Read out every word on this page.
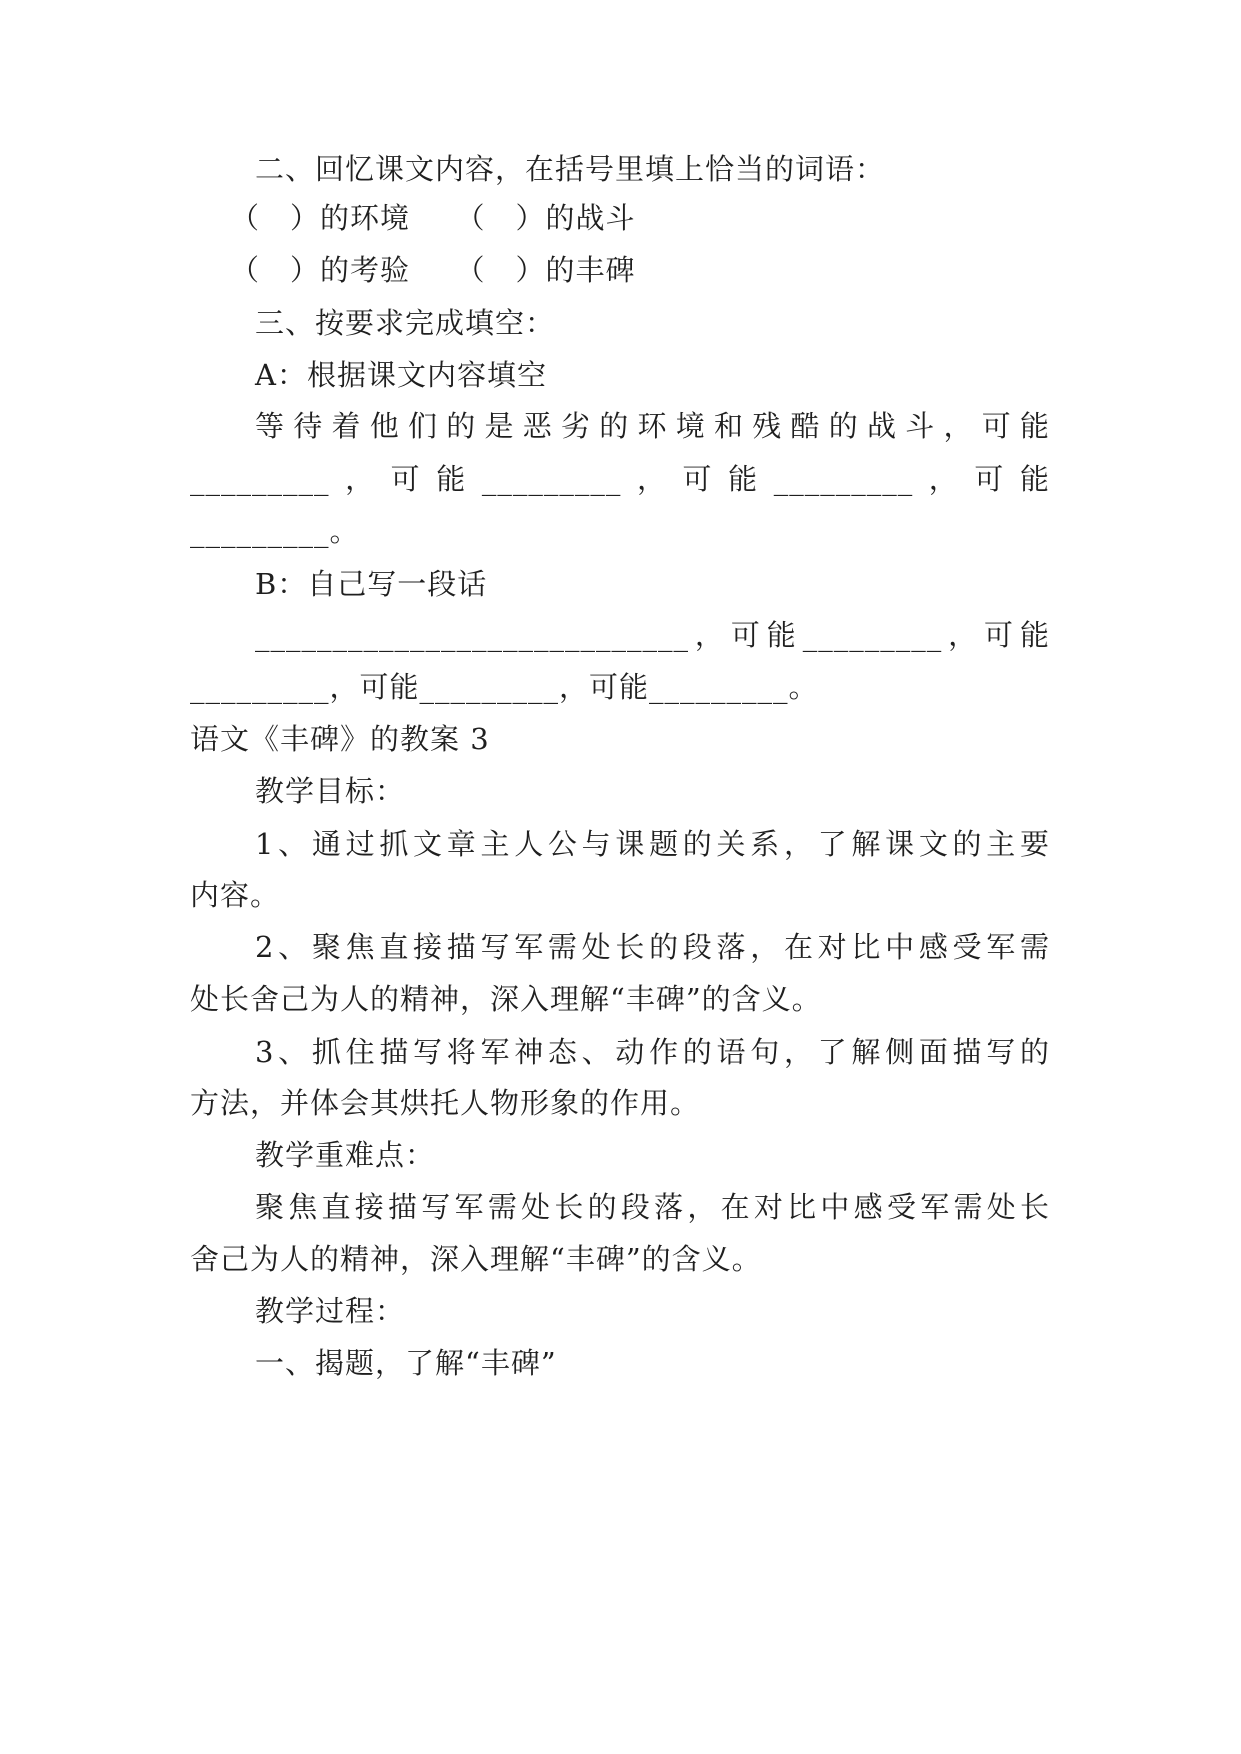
二、回忆课文内容，在括号里填上恰当的词语：
（　）的环境　　（　）的战斗
（　）的考验　　（　）的丰碑
三、按要求完成填空：
A：根据课文内容填空
等待着他们的是恶劣的环境和残酷的战斗，可能
_________，可能_________，可能_________，可能
_________。
B：自己写一段话
____________________________，可能_________，可能
_________，可能_________，可能_________。
语文《丰碑》的教案 3
教学目标：
1、通过抓文章主人公与课题的关系，了解课文的主要
内容。
2、聚焦直接描写军需处长的段落，在对比中感受军需
处长舍己为人的精神，深入理解“丰碑”的含义。
3、抓住描写将军神态、动作的语句，了解侧面描写的
方法，并体会其烘托人物形象的作用。
教学重难点：
聚焦直接描写军需处长的段落，在对比中感受军需处长
舍己为人的精神，深入理解“丰碑”的含义。
教学过程：
一、揭题，了解“丰碑”
